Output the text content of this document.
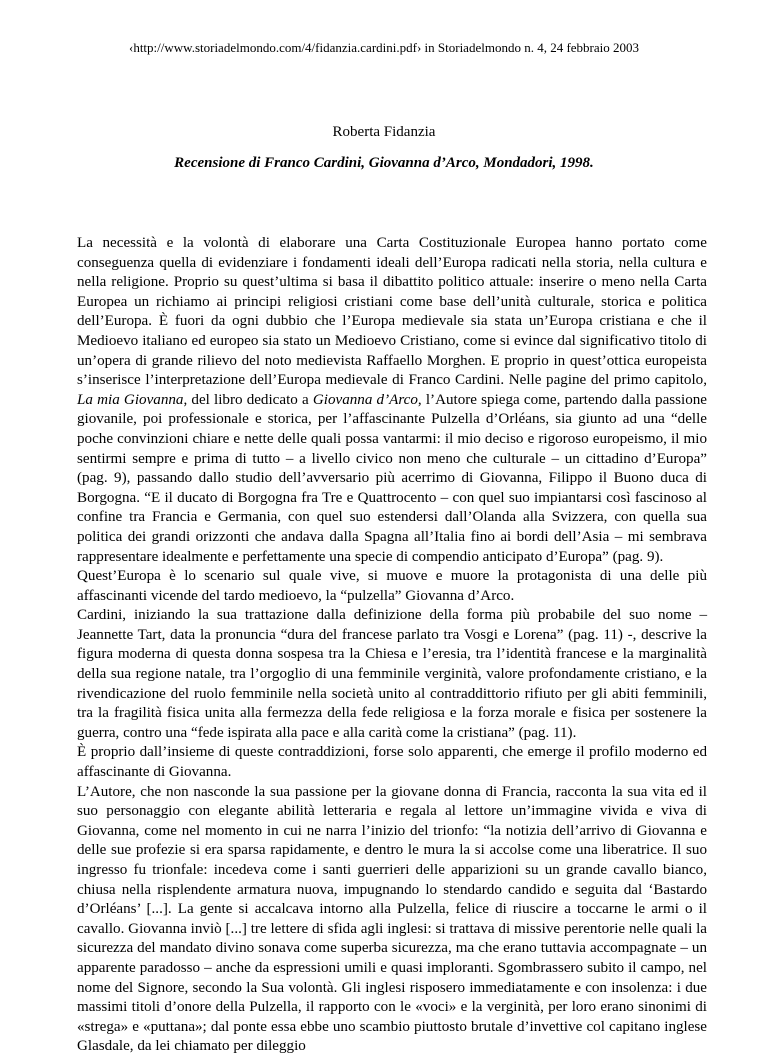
‹http://www.storiadelmondo.com/4/fidanzia.cardini.pdf› in Storiadelmondo n. 4, 24 febbraio 2003
Roberta Fidanzia
Recensione di Franco Cardini, Giovanna d’Arco, Mondadori, 1998.

La necessità e la volontà di elaborare una Carta Costituzionale Europea hanno portato come conseguenza quella di evidenziare i fondamenti ideali dell’Europa radicati nella storia, nella cultura e nella religione. Proprio su quest’ultima si basa il dibattito politico attuale: inserire o meno nella Carta Europea un richiamo ai principi religiosi cristiani come base dell’unità culturale, storica e politica dell’Europa. È fuori da ogni dubbio che l’Europa medievale sia stata un’Europa cristiana e che il Medioevo italiano ed europeo sia stato un Medioevo Cristiano, come si evince dal significativo titolo di un’opera di grande rilievo del noto medievista Raffaello Morghen. E proprio in quest’ottica europeista s’inserisce l’interpretazione dell’Europa medievale di Franco Cardini. Nelle pagine del primo capitolo, La mia Giovanna, del libro dedicato a Giovanna d’Arco, l’Autore spiega come, partendo dalla passione giovanile, poi professionale e storica, per l’affascinante Pulzella d’Orléans, sia giunto ad una “delle poche convinzioni chiare e nette delle quali possa vantarmi: il mio deciso e rigoroso europeismo, il mio sentirmi sempre e prima di tutto – a livello civico non meno che culturale – un cittadino d’Europa” (pag. 9), passando dallo studio dell’avversario più acerrimo di Giovanna, Filippo il Buono duca di Borgogna. “E il ducato di Borgogna fra Tre e Quattrocento – con quel suo impiantarsi così fascinoso al confine tra Francia e Germania, con quel suo estendersi dall’Olanda alla Svizzera, con quella sua politica dei grandi orizzonti che andava dalla Spagna all’Italia fino ai bordi dell’Asia – mi sembrava rappresentare idealmente e perfettamente una specie di compendio anticipato d’Europa” (pag. 9).

Quest’Europa è lo scenario sul quale vive, si muove e muore la protagonista di una delle più affascinanti vicende del tardo medioevo, la “pulzella” Giovanna d’Arco.

Cardini, iniziando la sua trattazione dalla definizione della forma più probabile del suo nome – Jeannette Tart, data la pronuncia “dura del francese parlato tra Vosgi e Lorena” (pag. 11) -, descrive la figura moderna di questa donna sospesa tra la Chiesa e l’eresia, tra l’identità francese e la marginalità della sua regione natale, tra l’orgoglio di una femminile verginità, valore profondamente cristiano, e la rivendicazione del ruolo femminile nella società unito al contraddittorio rifiuto per gli abiti femminili, tra la fragilità fisica unita alla fermezza della fede religiosa e la forza morale e fisica per sostenere la guerra, contro una “fede ispirata alla pace e alla carità come la cristiana” (pag. 11).

È proprio dall’insieme di queste contraddizioni, forse solo apparenti, che emerge il profilo moderno ed affascinante di Giovanna.

L’Autore, che non nasconde la sua passione per la giovane donna di Francia, racconta la sua vita ed il suo personaggio con elegante abilità letteraria e regala al lettore un’immagine vivida e viva di Giovanna, come nel momento in cui ne narra l’inizio del trionfo: “la notizia dell’arrivo di Giovanna e delle sue profezie si era sparsa rapidamente, e dentro le mura la si accolse come una liberatrice. Il suo ingresso fu trionfale: incedeva come i santi guerrieri delle apparizioni su un grande cavallo bianco, chiusa nella risplendente armatura nuova, impugnando lo stendardo candido e seguita dal ‘Bastardo d’Orléans’ [...]. La gente si accalcava intorno alla Pulzella, felice di riuscire a toccarne le armi o il cavallo. Giovanna inviò [...] tre lettere di sfida agli inglesi: si trattava di missive perentorie nelle quali la sicurezza del mandato divino sonava come superba sicurezza, ma che erano tuttavia accompagnate – un apparente paradosso – anche da espressioni umili e quasi imploranti. Sgombrassero subito il campo, nel nome del Signore, secondo la Sua volontà. Gli inglesi risposero immediatamente e con insolenza: i due massimi titoli d’onore della Pulzella, il rapporto con le «voci» e la verginità, per loro erano sinonimi di «strega» e «puttana»; dal ponte essa ebbe uno scambio piuttosto brutale d’invettive col capitano inglese Glasdale, da lei chiamato per dileggio
